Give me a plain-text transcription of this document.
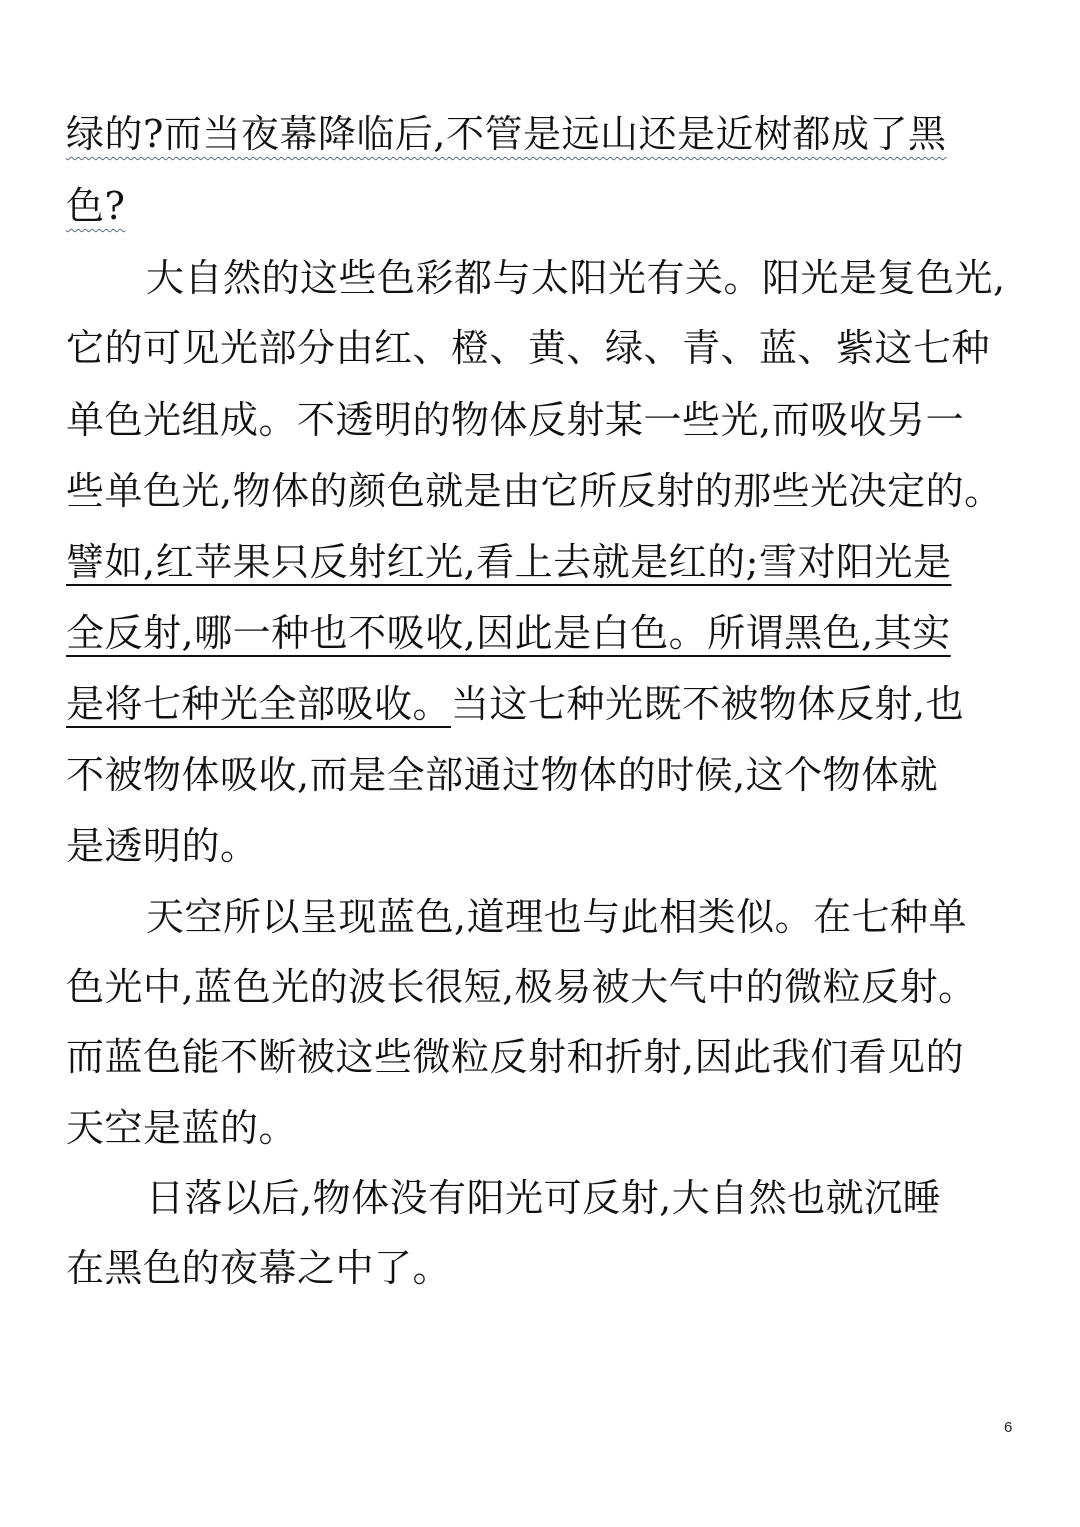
绿的?而当夜幕降临后,不管是远山还是近树都成了黑
色?
大自然的这些色彩都与太阳光有关。阳光是复色光,
它的可见光部分由红、橙、黄、绿、青、蓝、紫这七种
单色光组成。不透明的物体反射某一些光,而吸收另一
些单色光,物体的颜色就是由它所反射的那些光决定的。
譬如,红苹果只反射红光,看上去就是红的;雪对阳光是
全反射,哪一种也不吸收,因此是白色。所谓黑色,其实
是将七种光全部吸收。当这七种光既不被物体反射,也
不被物体吸收,而是全部通过物体的时候,这个物体就
是透明的。
天空所以呈现蓝色,道理也与此相类似。在七种单
色光中,蓝色光的波长很短,极易被大气中的微粒反射。
而蓝色能不断被这些微粒反射和折射,因此我们看见的
天空是蓝的。
日落以后,物体没有阳光可反射,大自然也就沉睡
在黑色的夜幕之中了。
6
